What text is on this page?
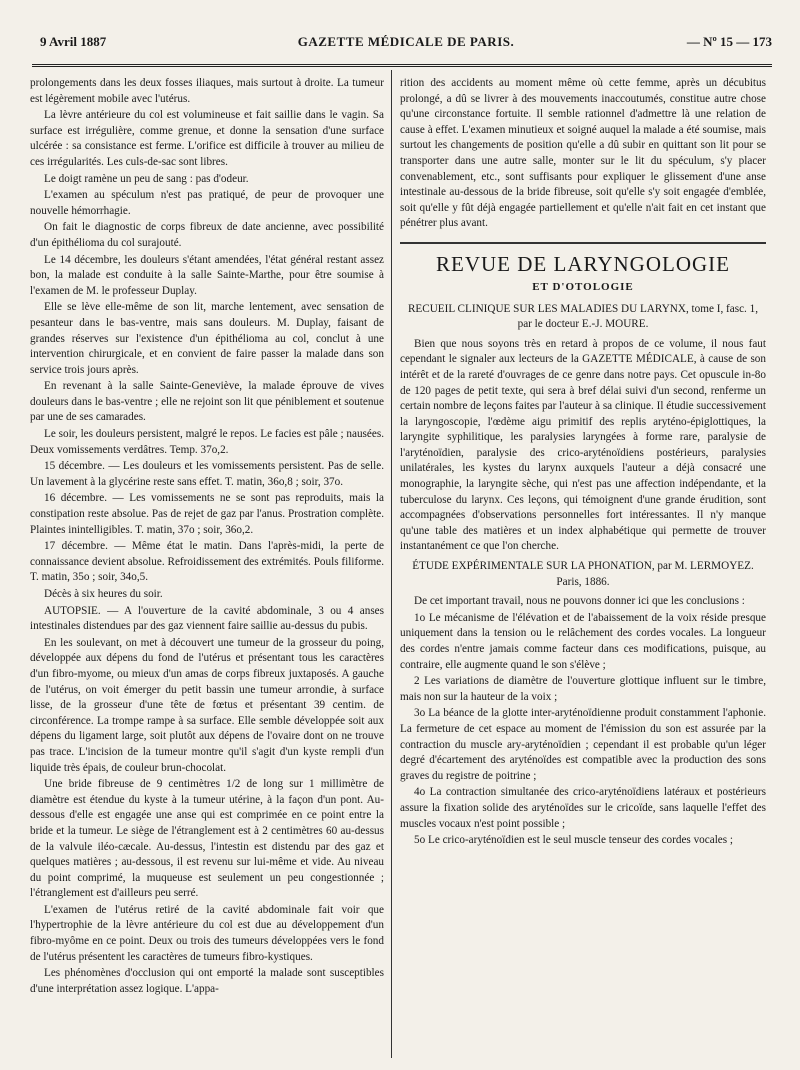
9 Avril 1887	GAZETTE MÉDICALE DE PARIS.	— Nº 15 — 173

prolongements dans les deux fosses iliaques, mais surtout à droite. La tumeur est légèrement mobile avec l'utérus.

La lèvre antérieure du col est volumineuse et fait saillie dans le vagin. Sa surface est irrégulière, comme grenue, et donne la sensation d'une surface ulcérée : sa consistance est ferme. L'orifice est difficile à trouver au milieu de ces irrégularités. Les culs-de-sac sont libres.

Le doigt ramène un peu de sang : pas d'odeur.

L'examen au spéculum n'est pas pratiqué, de peur de provoquer une nouvelle hémorrhagie.

On fait le diagnostic de corps fibreux de date ancienne, avec possibilité d'un épithélioma du col surajouté.

Le 14 décembre, les douleurs s'étant amendées, l'état général restant assez bon, la malade est conduite à la salle Sainte-Marthe, pour être soumise à l'examen de M. le professeur Duplay.

Elle se lève elle-même de son lit, marche lentement, avec sensation de pesanteur dans le bas-ventre, mais sans douleurs. M. Duplay, faisant de grandes réserves sur l'existence d'un épithélioma au col, conclut à une intervention chirurgicale, et en convient de faire passer la malade dans son service trois jours après.

En revenant à la salle Sainte-Geneviève, la malade éprouve de vives douleurs dans le bas-ventre ; elle ne rejoint son lit que péniblement et soutenue par une de ses camarades.

Le soir, les douleurs persistent, malgré le repos. Le facies est pâle ; nausées. Deux vomissements verdâtres. Temp. 37o,2.

15 décembre. — Les douleurs et les vomissements persistent. Pas de selle. Un lavement à la glycérine reste sans effet. T. matin, 36o,8 ; soir, 37o.

16 décembre. — Les vomissements ne se sont pas reproduits, mais la constipation reste absolue. Pas de rejet de gaz par l'anus. Prostration complète. Plaintes inintelligibles. T. matin, 37o ; soir, 36o,2.

17 décembre. — Même état le matin. Dans l'après-midi, la perte de connaissance devient absolue. Refroidissement des extrémités. Pouls filiforme. T. matin, 35o ; soir, 34o,5.

Décès à six heures du soir.

AUTOPSIE. — A l'ouverture de la cavité abdominale, 3 ou 4 anses intestinales distendues par des gaz viennent faire saillie au-dessus du pubis.

En les soulevant, on met à découvert une tumeur de la grosseur du poing, développée aux dépens du fond de l'utérus et présentant tous les caractères d'un fibro-myome, ou mieux d'un amas de corps fibreux juxtaposés. A gauche de l'utérus, on voit émerger du petit bassin une tumeur arrondie, à surface lisse, de la grosseur d'une tête de fœtus et présentant 39 centim. de circonférence. La trompe rampe à sa surface. Elle semble développée soit aux dépens du ligament large, soit plutôt aux dépens de l'ovaire dont on ne trouve pas trace. L'incision de la tumeur montre qu'il s'agit d'un kyste rempli d'un liquide très épais, de couleur brun-chocolat.

Une bride fibreuse de 9 centimètres 1/2 de long sur 1 millimètre de diamètre est étendue du kyste à la tumeur utérine, à la façon d'un pont. Au-dessous d'elle est engagée une anse qui est comprimée en ce point entre la bride et la tumeur. Le siège de l'étranglement est à 2 centimètres 60 au-dessus de la valvule iléo-cæcale. Au-dessus, l'intestin est distendu par des gaz et quelques matières ; au-dessous, il est revenu sur lui-même et vide. Au niveau du point comprimé, la muqueuse est seulement un peu congestionnée ; l'étranglement est d'ailleurs peu serré.

L'examen de l'utérus retiré de la cavité abdominale fait voir que l'hypertrophie de la lèvre antérieure du col est due au développement d'un fibro-myôme en ce point. Deux ou trois des tumeurs développées vers le fond de l'utérus présentent les caractères de tumeurs fibro-kystiques.

Les phénomènes d'occlusion qui ont emporté la malade sont susceptibles d'une interprétation assez logique. L'appa-

rition des accidents au moment même où cette femme, après un décubitus prolongé, a dû se livrer à des mouvements inaccoutumés, constitue autre chose qu'une circonstance fortuite. Il semble rationnel d'admettre là une relation de cause à effet. L'examen minutieux et soigné auquel la malade a été soumise, mais surtout les changements de position qu'elle a dû subir en quittant son lit pour se transporter dans une autre salle, monter sur le lit du spéculum, s'y placer convenablement, etc., sont suffisants pour expliquer le glissement d'une anse intestinale au-dessous de la bride fibreuse, soit qu'elle s'y soit engagée d'emblée, soit qu'elle y fût déjà engagée partiellement et qu'elle n'ait fait en cet instant que pénétrer plus avant.

REVUE DE LARYNGOLOGIE
ET D'OTOLOGIE
RECUEIL CLINIQUE SUR LES MALADIES DU LARYNX, tome I, fasc. 1, par le docteur E.-J. MOURE.

Bien que nous soyons très en retard à propos de ce volume, il nous faut cependant le signaler aux lecteurs de la GAZETTE MÉDICALE, à cause de son intérêt et de la rareté d'ouvrages de ce genre dans notre pays. Cet opuscule in-8o de 120 pages de petit texte, qui sera à bref délai suivi d'un second, renferme un certain nombre de leçons faites par l'auteur à sa clinique. Il étudie successivement la laryngoscopie, l'œdème aigu primitif des replis aryténo-épiglottiques, la laryngite syphilitique, les paralysies laryngées à forme rare, paralysie de l'aryténoïdien, paralysie des crico-aryténoïdiens postérieurs, paralysies unilatérales, les kystes du larynx auxquels l'auteur a déjà consacré une monographie, la laryngite sèche, qui n'est pas une affection indépendante, et la tuberculose du larynx. Ces leçons, qui témoignent d'une grande érudition, sont accompagnées d'observations personnelles fort intéressantes. Il n'y manque qu'une table des matières et un index alphabétique qui permette de trouver instantanément ce que l'on cherche.

ÉTUDE EXPÉRIMENTALE SUR LA PHONATION, par M. LERMOYEZ. Paris, 1886.

De cet important travail, nous ne pouvons donner ici que les conclusions :

1o Le mécanisme de l'élévation et de l'abaissement de la voix réside presque uniquement dans la tension ou le relâchement des cordes vocales. La longueur des cordes n'entre jamais comme facteur dans ces modifications, puisque, au contraire, elle augmente quand le son s'élève ;

2 Les variations de diamètre de l'ouverture glottique influent sur le timbre, mais non sur la hauteur de la voix ;

3o La béance de la glotte inter-aryténoïdienne produit constamment l'aphonie. La fermeture de cet espace au moment de l'émission du son est assurée par la contraction du muscle ary-aryténoïdien ; cependant il est probable qu'un léger degré d'écartement des aryténoïdes est compatible avec la production des sons graves du registre de poitrine ;

4o La contraction simultanée des crico-aryténoïdiens latéraux et postérieurs assure la fixation solide des aryténoïdes sur le cricoïde, sans laquelle l'effet des muscles vocaux n'est point possible ;

5o Le crico-aryténoïdien est le seul muscle tenseur des cordes vocales ;
